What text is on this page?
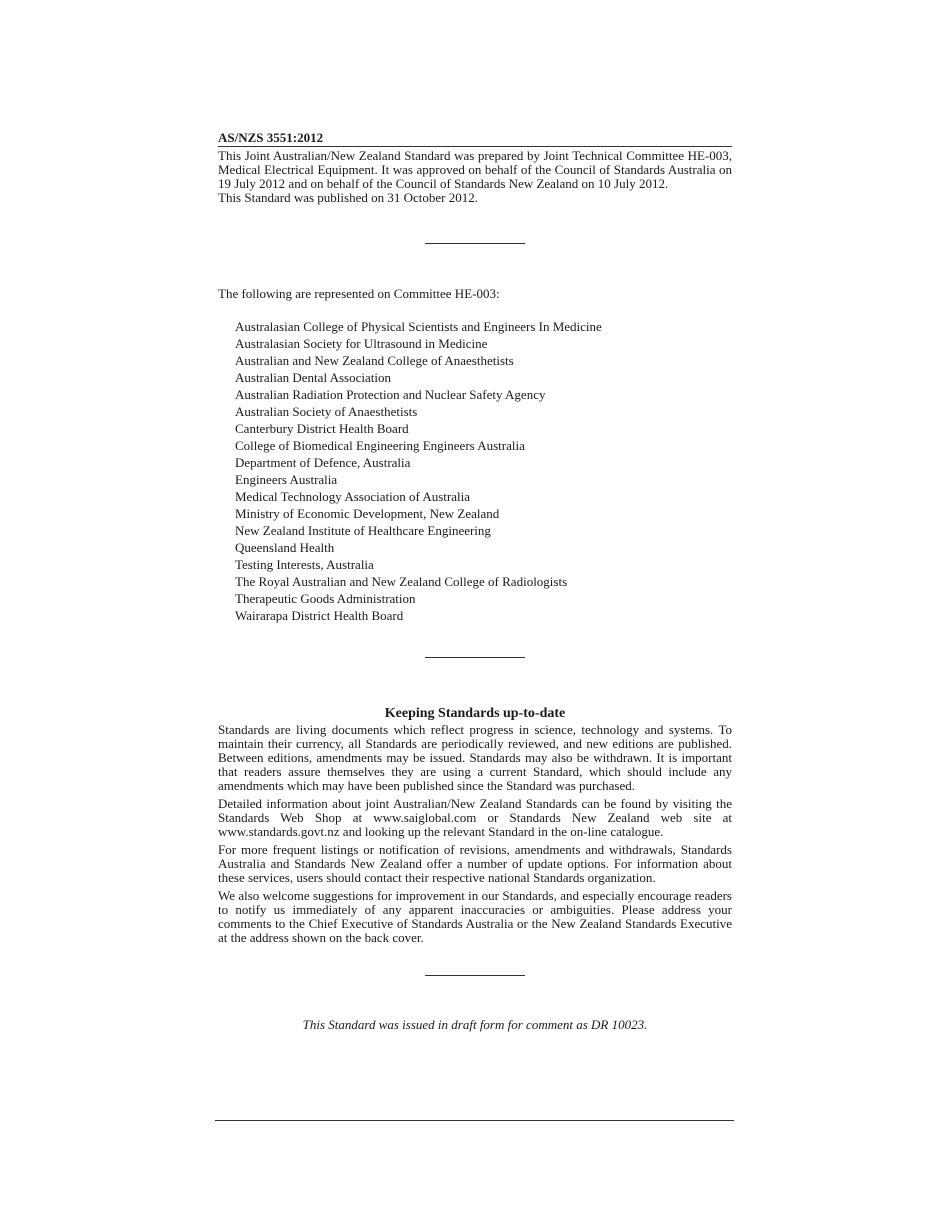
AS/NZS 3551:2012

This Joint Australian/New Zealand Standard was prepared by Joint Technical Committee HE-003, Medical Electrical Equipment. It was approved on behalf of the Council of Standards Australia on 19 July 2012 and on behalf of the Council of Standards New Zealand on 10 July 2012.

This Standard was published on 31 October 2012.

The following are represented on Committee HE-003:

Australasian College of Physical Scientists and Engineers In Medicine
Australasian Society for Ultrasound in Medicine
Australian and New Zealand College of Anaesthetists
Australian Dental Association
Australian Radiation Protection and Nuclear Safety Agency
Australian Society of Anaesthetists
Canterbury District Health Board
College of Biomedical Engineering Engineers Australia
Department of Defence, Australia
Engineers Australia
Medical Technology Association of Australia
Ministry of Economic Development, New Zealand
New Zealand Institute of Healthcare Engineering
Queensland Health
Testing Interests, Australia
The Royal Australian and New Zealand College of Radiologists
Therapeutic Goods Administration
Wairarapa District Health Board
Keeping Standards up-to-date

Standards are living documents which reflect progress in science, technology and systems. To maintain their currency, all Standards are periodically reviewed, and new editions are published. Between editions, amendments may be issued. Standards may also be withdrawn. It is important that readers assure themselves they are using a current Standard, which should include any amendments which may have been published since the Standard was purchased.

Detailed information about joint Australian/New Zealand Standards can be found by visiting the Standards Web Shop at www.saiglobal.com or Standards New Zealand web site at www.standards.govt.nz and looking up the relevant Standard in the on-line catalogue.

For more frequent listings or notification of revisions, amendments and withdrawals, Standards Australia and Standards New Zealand offer a number of update options. For information about these services, users should contact their respective national Standards organization.

We also welcome suggestions for improvement in our Standards, and especially encourage readers to notify us immediately of any apparent inaccuracies or ambiguities. Please address your comments to the Chief Executive of Standards Australia or the New Zealand Standards Executive at the address shown on the back cover.

This Standard was issued in draft form for comment as DR 10023.
